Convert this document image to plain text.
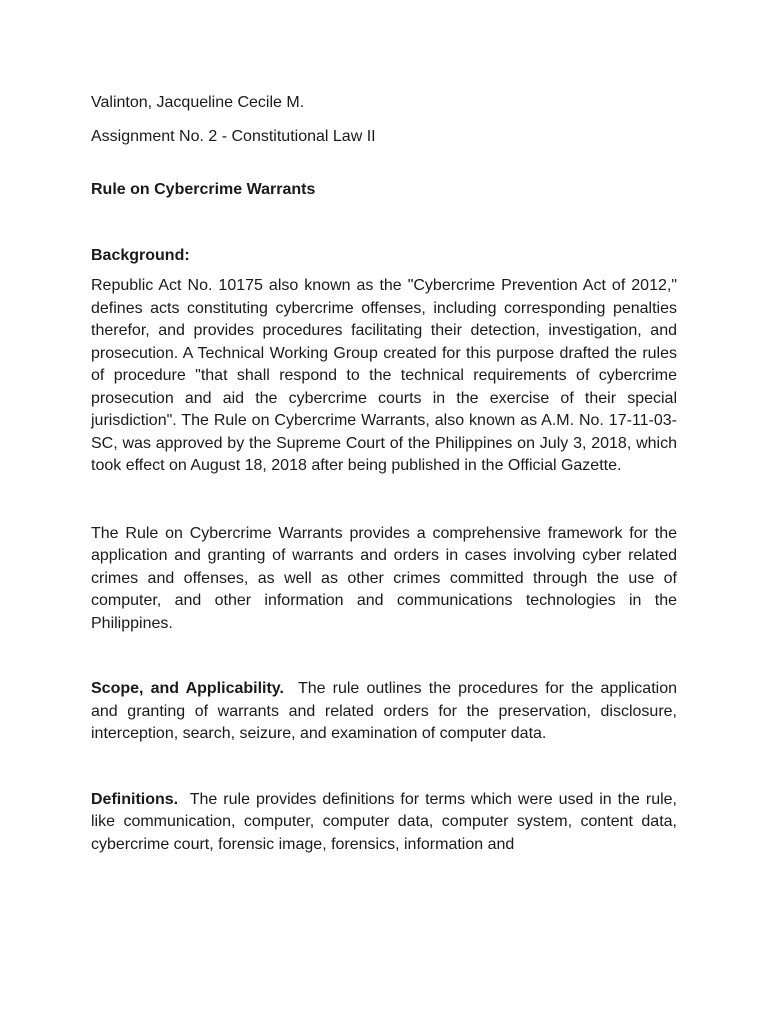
Valinton, Jacqueline Cecile M.

Assignment No. 2 - Constitutional Law II

Rule on Cybercrime Warrants

Background:

Republic Act No. 10175 also known as the "Cybercrime Prevention Act of 2012," defines acts constituting cybercrime offenses, including corresponding penalties therefor, and provides procedures facilitating their detection, investigation, and prosecution. A Technical Working Group created for this purpose drafted the rules of procedure "that shall respond to the technical requirements of cybercrime prosecution and aid the cybercrime courts in the exercise of their special jurisdiction". The Rule on Cybercrime Warrants, also known as A.M. No. 17-11-03-SC, was approved by the Supreme Court of the Philippines on July 3, 2018, which took effect on August 18, 2018 after being published in the Official Gazette.

The Rule on Cybercrime Warrants provides a comprehensive framework for the application and granting of warrants and orders in cases involving cyber related crimes and offenses, as well as other crimes committed through the use of computer, and other information and communications technologies in the Philippines.

Scope, and Applicability.  The rule outlines the procedures for the application and granting of warrants and related orders for the preservation, disclosure, interception, search, seizure, and examination of computer data.

Definitions.  The rule provides definitions for terms which were used in the rule, like communication, computer, computer data, computer system, content data, cybercrime court, forensic image, forensics, information and
